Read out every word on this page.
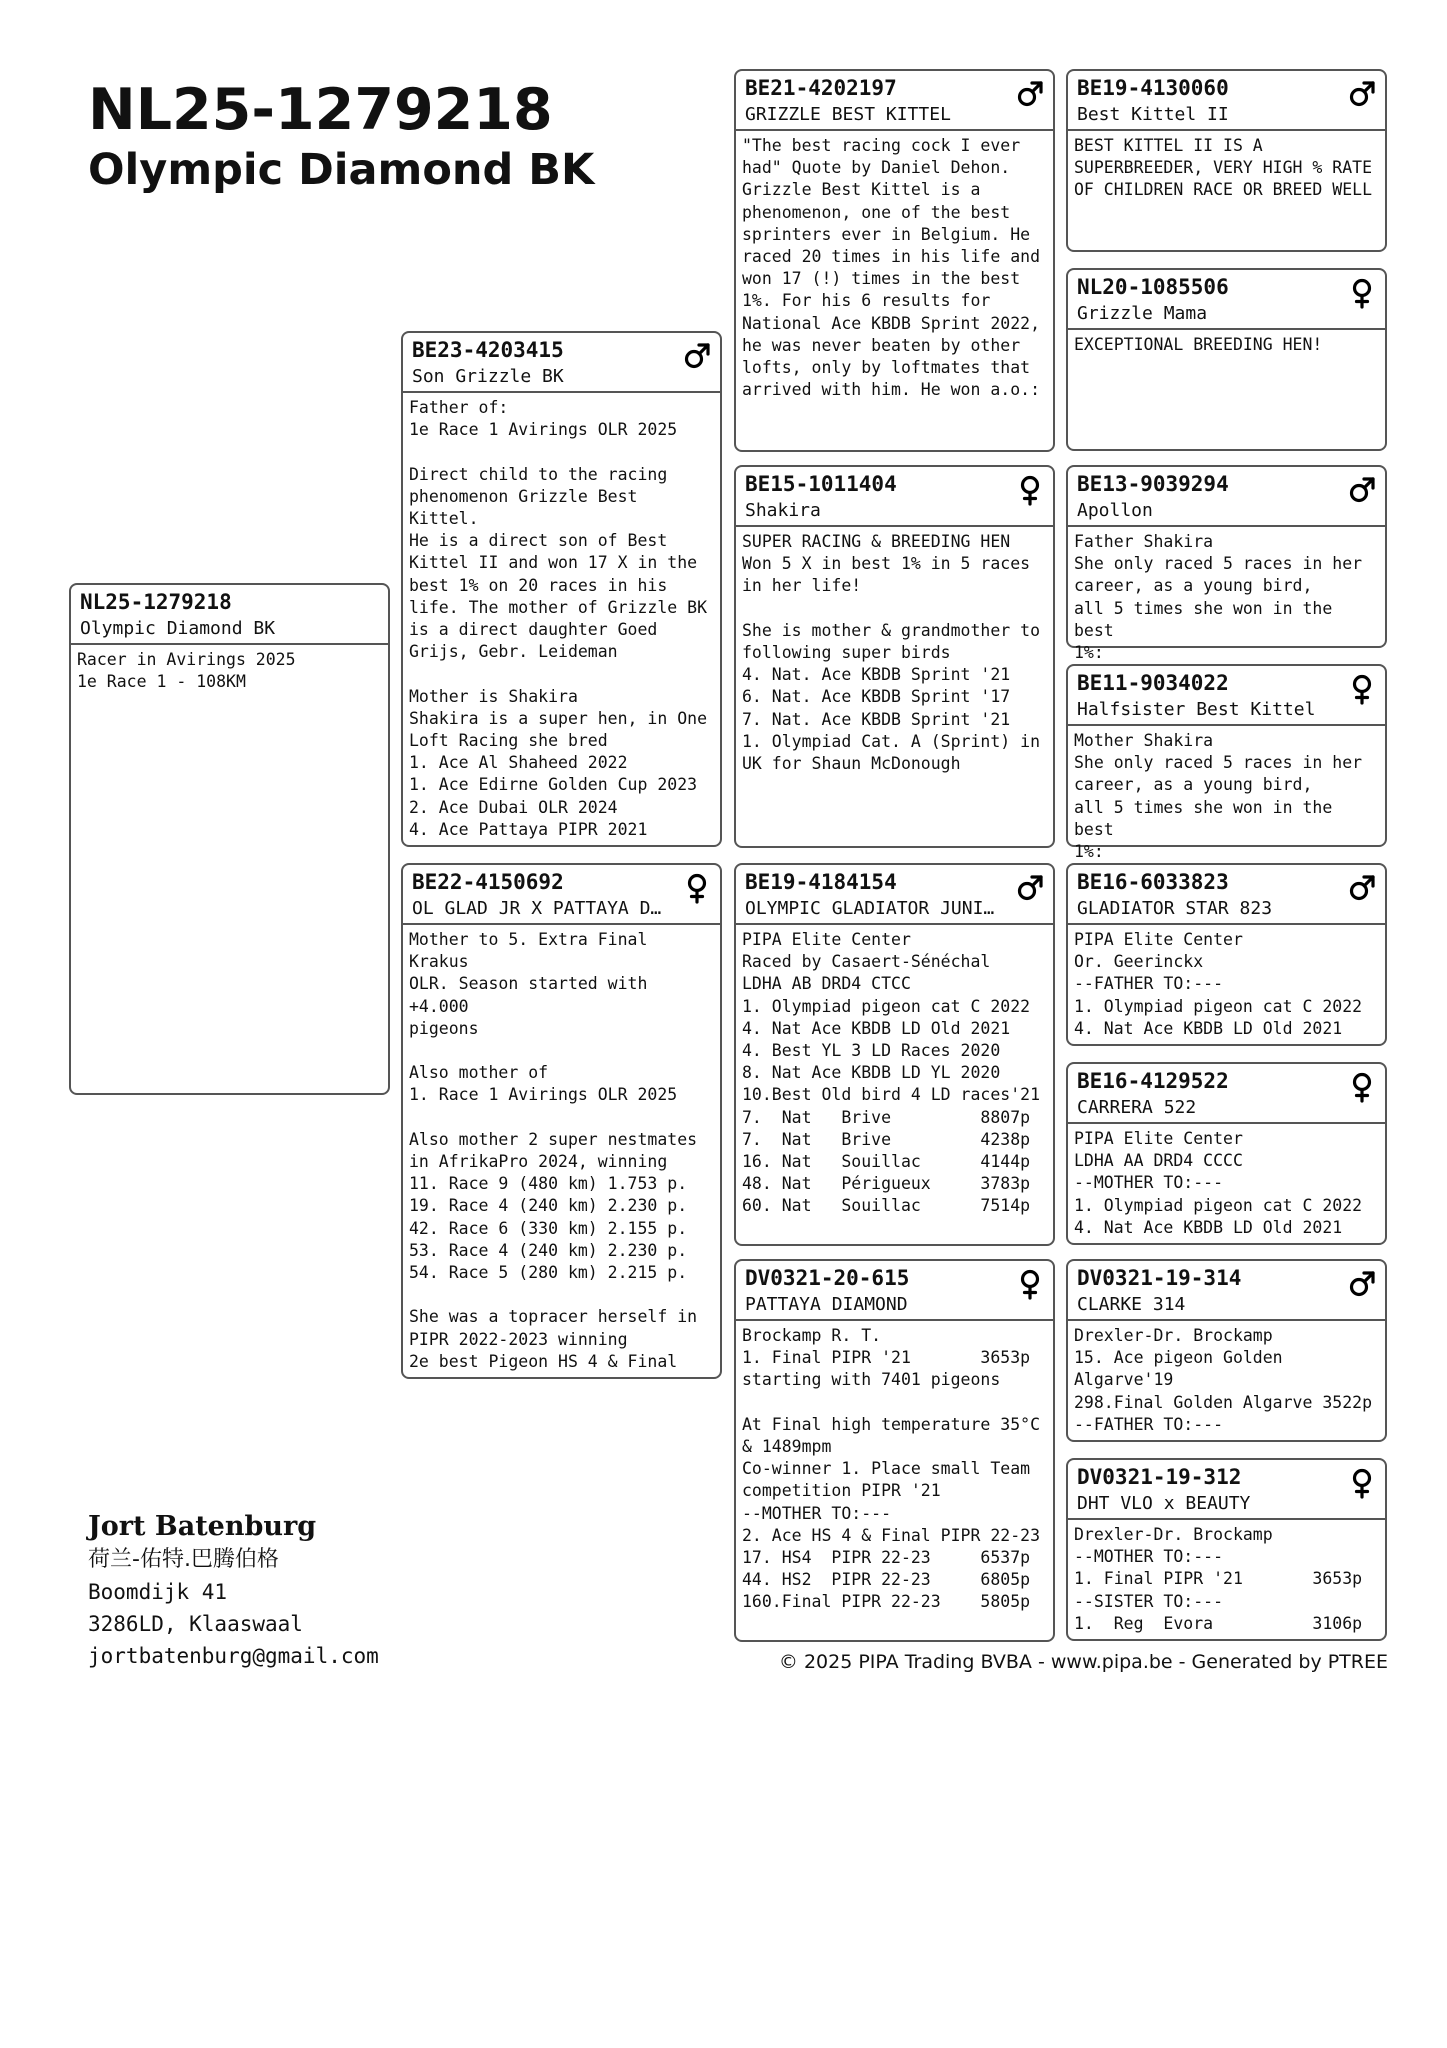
NL25-1279218
Olympic Diamond BK
NL25-1279218
Olympic Diamond BK
Racer in Avirings 2025
1e Race 1 - 108KM
BE23-4203415
Son Grizzle BK
Father of:
1e Race 1 Avirings OLR 2025

Direct child to the racing
phenomenon Grizzle Best Kittel.
He is a direct son of Best
Kittel II and won 17 X in the
best 1% on 20 races in his
life. The mother of Grizzle BK
is a direct daughter Goed
Grijs, Gebr. Leideman

Mother is Shakira
Shakira is a super hen, in One
Loft Racing she bred
1. Ace Al Shaheed 2022
1. Ace Edirne Golden Cup 2023
2. Ace Dubai OLR 2024
4. Ace Pattaya PIPR 2021
BE22-4150692
OL GLAD JR X PATTAYA D…
Mother to 5. Extra Final Krakus
OLR. Season started with +4.000
pigeons

Also mother of
1. Race 1 Avirings OLR 2025

Also mother 2 super nestmates
in AfrikaPro 2024, winning
11. Race 9 (480 km) 1.753 p.
19. Race 4 (240 km) 2.230 p.
42. Race 6 (330 km) 2.155 p.
53. Race 4 (240 km) 2.230 p.
54. Race 5 (280 km) 2.215 p.

She was a topracer herself in
PIPR 2022-2023 winning
2e best Pigeon HS 4 & Final
BE21-4202197
GRIZZLE BEST KITTEL
"The best racing cock I ever
had" Quote by Daniel Dehon.
Grizzle Best Kittel is a
phenomenon, one of the best
sprinters ever in Belgium. He
raced 20 times in his life and
won 17 (!) times in the best
1%. For his 6 results for
National Ace KBDB Sprint 2022,
he was never beaten by other
lofts, only by loftmates that
arrived with him. He won a.o.:
BE15-1011404
Shakira
SUPER RACING & BREEDING HEN
Won 5 X in best 1% in 5 races
in her life!

She is mother & grandmother to
following super birds
4. Nat. Ace KBDB Sprint '21
6. Nat. Ace KBDB Sprint '17
7. Nat. Ace KBDB Sprint '21
1. Olympiad Cat. A (Sprint) in
UK for Shaun McDonough
BE19-4184154
OLYMPIC GLADIATOR JUNI…
PIPA Elite Center
Raced by Casaert-Sénéchal
LDHA AB DRD4 CTCC
1. Olympiad pigeon cat C 2022
4. Nat Ace KBDB LD Old 2021
4. Best YL 3 LD Races 2020
8. Nat Ace KBDB LD YL 2020
10.Best Old bird 4 LD races'21
7.  Nat   Brive         8807p
7.  Nat   Brive         4238p
16. Nat   Souillac      4144p
48. Nat   Périgueux     3783p
60. Nat   Souillac      7514p
DV0321-20-615
PATTAYA DIAMOND
Brockamp R. T.
1. Final PIPR '21       3653p
starting with 7401 pigeons

At Final high temperature 35°C
& 1489mpm
Co-winner 1. Place small Team
competition PIPR '21
--MOTHER TO:---
2. Ace HS 4 & Final PIPR 22-23
17. HS4  PIPR 22-23     6537p
44. HS2  PIPR 22-23     6805p
160.Final PIPR 22-23    5805p
BE19-4130060
Best Kittel II
BEST KITTEL II IS A
SUPERBREEDER, VERY HIGH % RATE
OF CHILDREN RACE OR BREED WELL
NL20-1085506
Grizzle Mama
EXCEPTIONAL BREEDING HEN!
BE13-9039294
Apollon
Father Shakira
She only raced 5 races in her
career, as a young bird,
all 5 times she won in the best
1%:
BE11-9034022
Halfsister Best Kittel
Mother Shakira
She only raced 5 races in her
career, as a young bird,
all 5 times she won in the best
1%:
BE16-6033823
GLADIATOR STAR 823
PIPA Elite Center
Or. Geerinckx
--FATHER TO:---
1. Olympiad pigeon cat C 2022
4. Nat Ace KBDB LD Old 2021
BE16-4129522
CARRERA 522
PIPA Elite Center
LDHA AA DRD4 CCCC
--MOTHER TO:---
1. Olympiad pigeon cat C 2022
4. Nat Ace KBDB LD Old 2021
DV0321-19-314
CLARKE 314
Drexler-Dr. Brockamp
15. Ace pigeon Golden
Algarve'19
298.Final Golden Algarve 3522p
--FATHER TO:---
DV0321-19-312
DHT VLO x BEAUTY
Drexler-Dr. Brockamp
--MOTHER TO:---
1. Final PIPR '21       3653p
--SISTER TO:---
1.  Reg  Evora          3106p
Jort Batenburg
荷兰-佑特.巴腾伯格
Boomdijk 41
3286LD, Klaaswaal
jortbatenburg@gmail.com	© 2025 PIPA Trading BVBA - www.pipa.be - Generated by PTREE
